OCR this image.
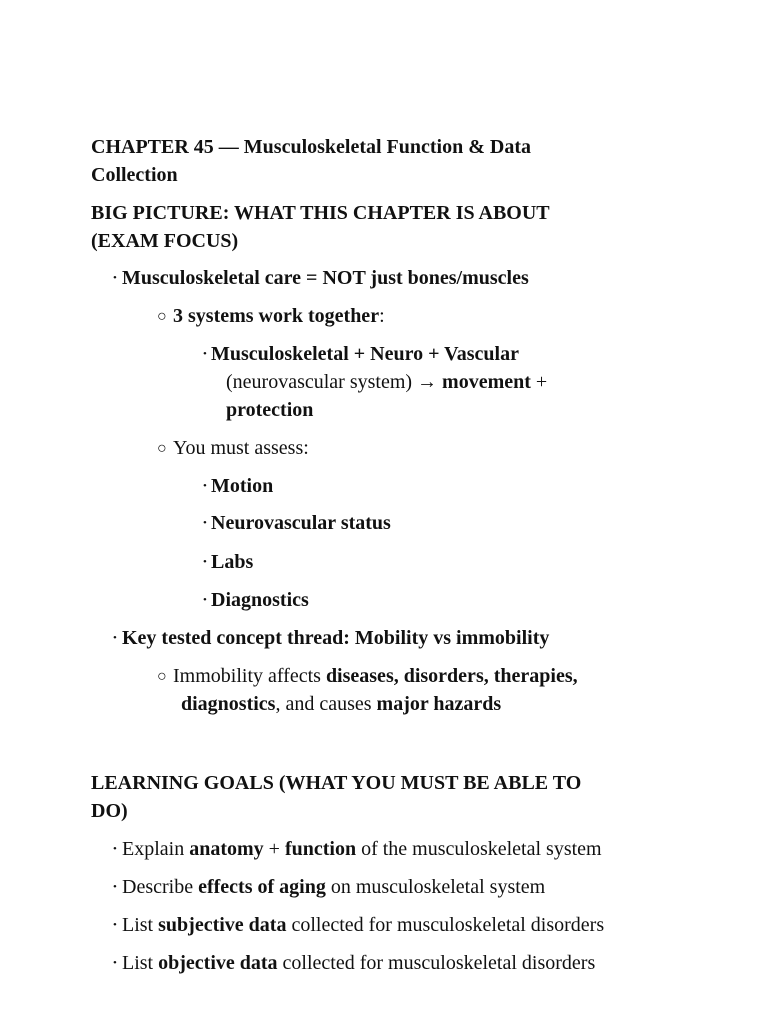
CHAPTER 45 — Musculoskeletal Function & Data
Collection
BIG PICTURE: WHAT THIS CHAPTER IS ABOUT
(EXAM FOCUS)
• Musculoskeletal care = NOT just bones/muscles
○ 3 systems work together:
• Musculoskeletal + Neuro + Vascular
(neurovascular system) → movement +
protection
○ You must assess:
• Motion
• Neurovascular status
• Labs
• Diagnostics
• Key tested concept thread: Mobility vs immobility
○ Immobility affects diseases, disorders, therapies,
diagnostics, and causes major hazards
LEARNING GOALS (WHAT YOU MUST BE ABLE TO
DO)
• Explain anatomy + function of the musculoskeletal system
• Describe effects of aging on musculoskeletal system
• List subjective data collected for musculoskeletal disorders
• List objective data collected for musculoskeletal disorders
